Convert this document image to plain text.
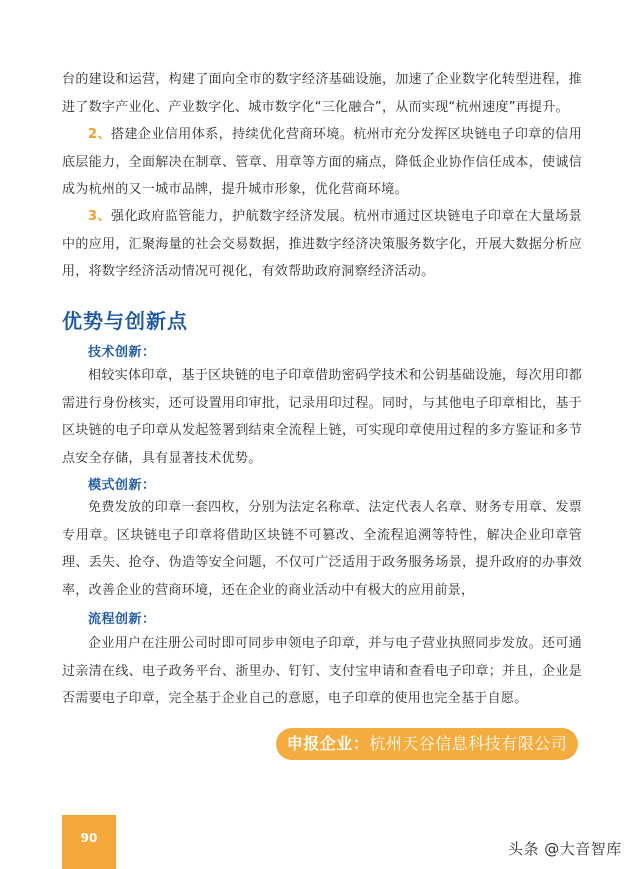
台的建设和运营，构建了面向全市的数字经济基础设施，加速了企业数字化转型进程，推进了数字产业化、产业数字化、城市数字化“三化融合”，从而实现“杭州速度”再提升。

2、搭建企业信用体系，持续优化营商环境。杭州市充分发挥区块链电子印章的信用底层能力，全面解决在制章、管章、用章等方面的痛点，降低企业协作信任成本，使诚信成为杭州的又一城市品牌，提升城市形象，优化营商环境。

3、强化政府监管能力，护航数字经济发展。杭州市通过区块链电子印章在大量场景中的应用，汇聚海量的社会交易数据，推进数字经济决策服务数字化，开展大数据分析应用，将数字经济活动情况可视化，有效帮助政府洞察经济活动。

优势与创新点
技术创新：

相较实体印章，基于区块链的电子印章借助密码学技术和公钥基础设施，每次用印都需进行身份核实，还可设置用印审批，记录用印过程。同时，与其他电子印章相比，基于区块链的电子印章从发起签署到结束全流程上链，可实现印章使用过程的多方鉴证和多节点安全存储，具有显著技术优势。

模式创新：

免费发放的印章一套四枚，分别为法定名称章、法定代表人名章、财务专用章、发票专用章。区块链电子印章将借助区块链不可篡改、全流程追溯等特性，解决企业印章管理、丢失、抢夺、伪造等安全问题，不仅可广泛适用于政务服务场景，提升政府的办事效率，改善企业的营商环境，还在企业的商业活动中有极大的应用前景，

流程创新：

企业用户在注册公司时即可同步申领电子印章，并与电子营业执照同步发放。还可通过亲清在线、电子政务平台、浙里办、钉钉、支付宝申请和查看电子印章；并且，企业是否需要电子印章，完全基于企业自己的意愿，电子印章的使用也完全基于自愿。

申报企业：杭州天谷信息科技有限公司
90
头条 @大音智库
